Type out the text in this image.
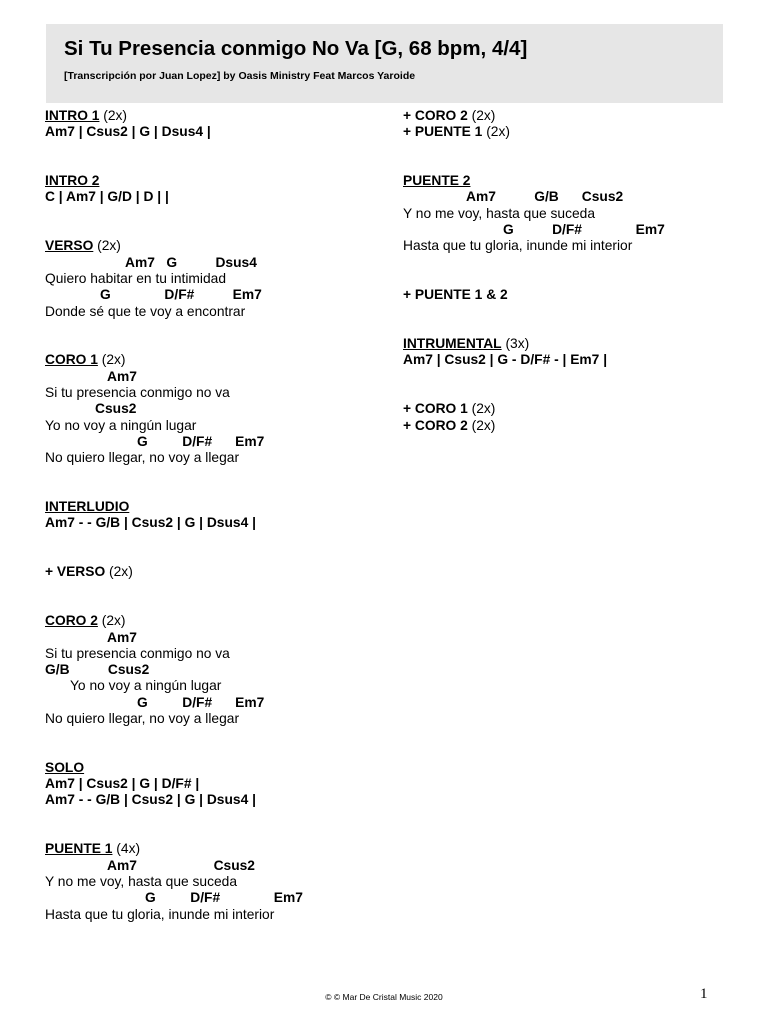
Si Tu Presencia conmigo No Va [G, 68 bpm, 4/4]
[Transcripción por Juan Lopez] by Oasis Ministry Feat Marcos Yaroide
INTRO 1 (2x)
Am7 | Csus2 | G | Dsus4 |
INTRO 2
C | Am7 | G/D | D | |
VERSO (2x)
Am7   G          Dsus4
Quiero habitar en tu intimidad
G              D/F#          Em7
Donde sé que te voy a encontrar
CORO 1 (2x)
Am7
Si tu presencia conmigo no va
Csus2
Yo no voy a ningún lugar
G         D/F#      Em7
No quiero llegar, no voy a llegar
INTERLUDIO
Am7 - - G/B | Csus2 | G | Dsus4 |
+ VERSO (2x)
CORO 2 (2x)
Am7
Si tu presencia conmigo no va
G/B          Csus2
Yo no voy a ningún lugar
G         D/F#      Em7
No quiero llegar, no voy a llegar
SOLO
Am7 | Csus2 | G | D/F# |
Am7 - - G/B | Csus2 | G | Dsus4 |
PUENTE 1 (4x)
Am7                    Csus2
Y no me voy, hasta que suceda
G         D/F#              Em7
Hasta que tu gloria, inunde mi interior
+ CORO 2 (2x)
+ PUENTE 1 (2x)
PUENTE 2
Am7          G/B      Csus2
Y no me voy, hasta que suceda
G          D/F#              Em7
Hasta que tu gloria, inunde mi interior
+ PUENTE 1 & 2
INTRUMENTAL (3x)
Am7 | Csus2 | G - D/F# - | Em7 |
+ CORO 1 (2x)
+ CORO 2 (2x)
© © Mar De Cristal Music 2020	1
